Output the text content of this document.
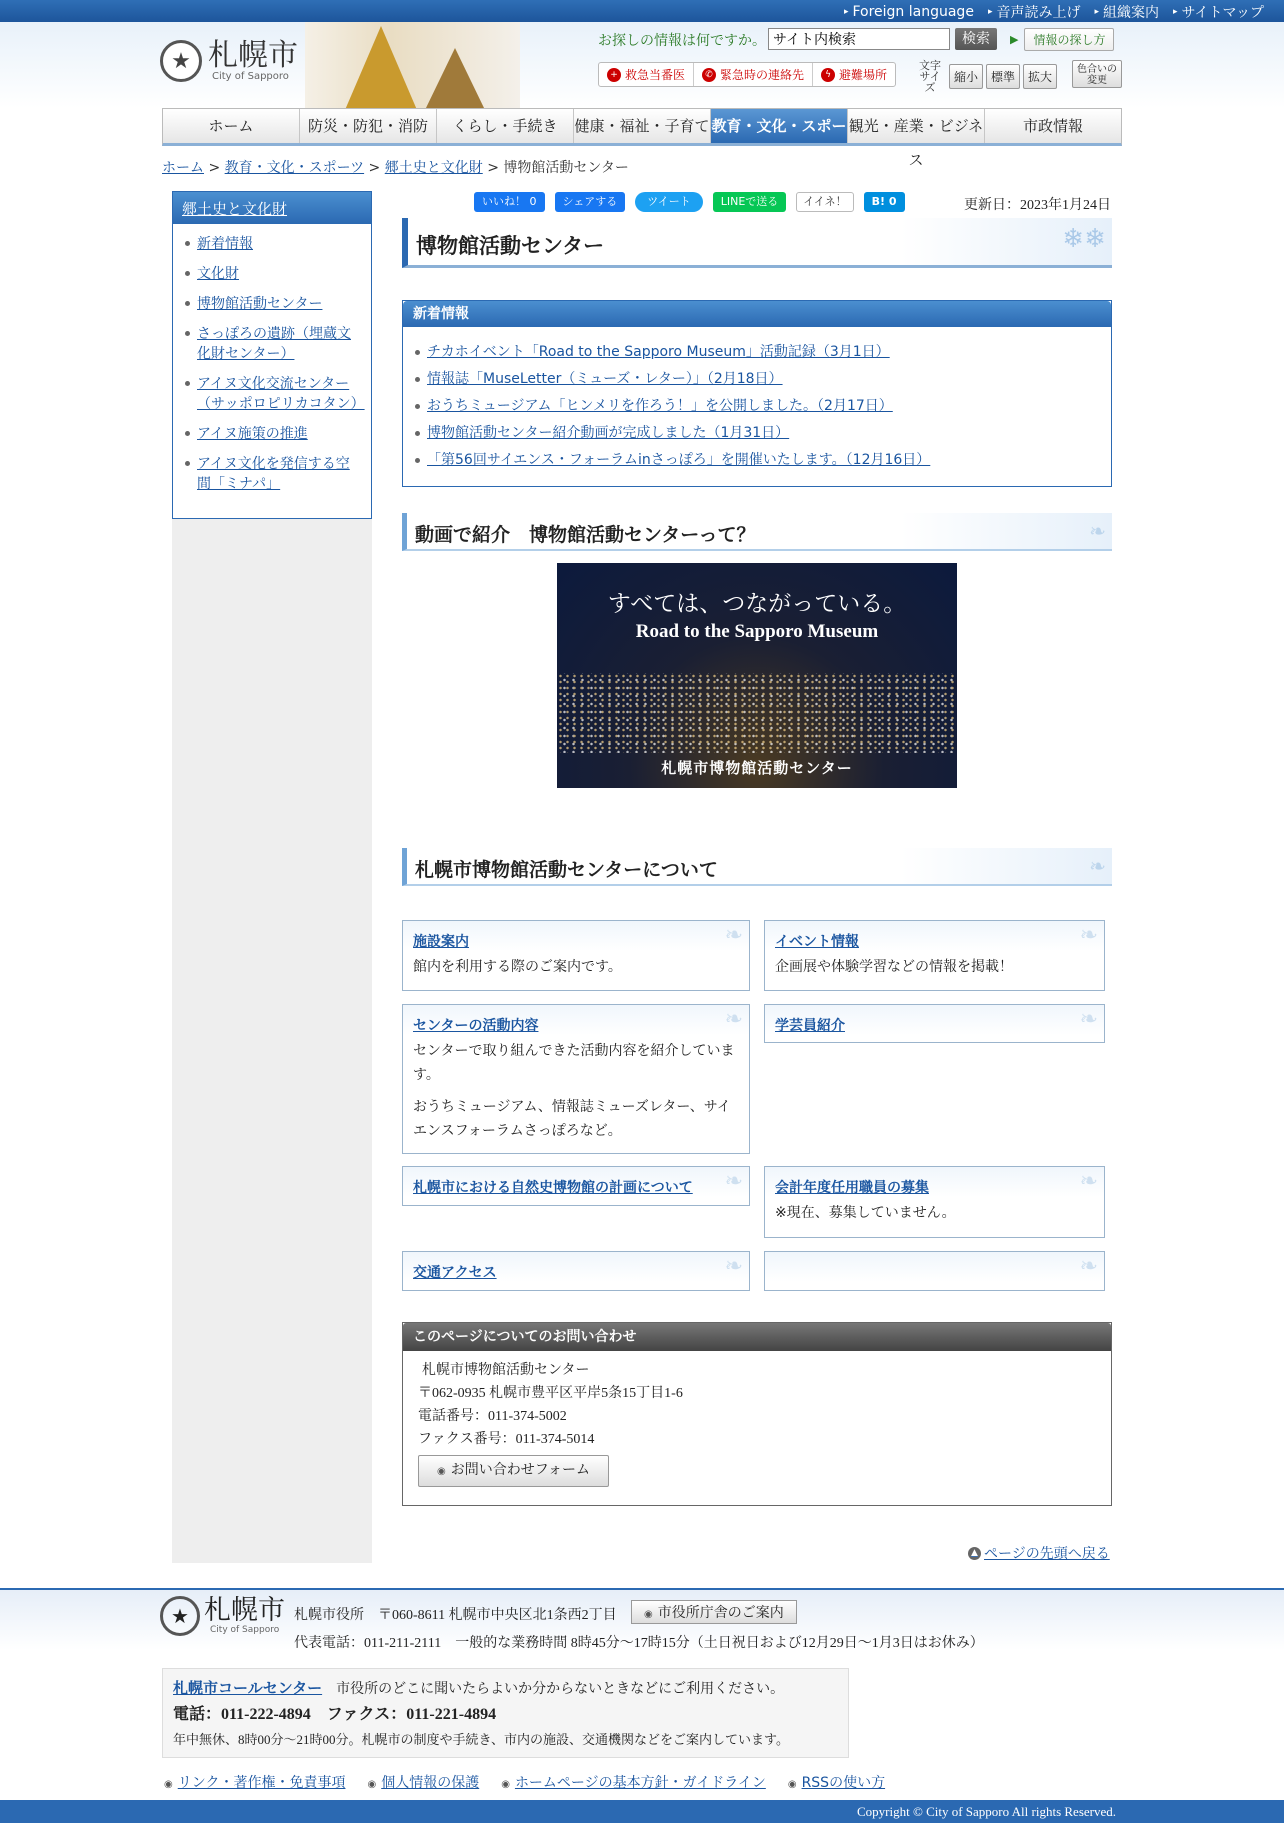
▸ Foreign language	▸ 音声読み上げ	▸ 組織案内	▸ サイトマップ
★ 札幌市
City of Sapporo
お探しの情報は何ですか。
サイト内検索	検索	▶	情報の探し方
+ 救急当番医	✆ 緊急時の連絡先	ϟ 避難場所
文字サイズ
縮小	標準	拡大
色合いの変更
ホーム	防災・防犯・消防	くらし・手続き	健康・福祉・子育て 教育・文化・スポーツ
観光・産業・ビジネス
市政情報
ホーム > 教育・文化・スポーツ > 郷土史と文化財 > 博物館活動センター
郷土史と文化財
新着情報
文化財
博物館活動センター
さっぽろの遺跡（埋蔵文化財センター）
アイヌ文化交流センター（サッポロピリカコタン）
アイヌ施策の推進
アイヌ文化を発信する空間「ミナパ」
いいね！ 0	シェアする	ツイート	LINEで送る	イイネ！	B! 0	更新日：2023年1月24日
博物館活動センター	❄❄
新着情報
チカホイベント「Road to the Sapporo Museum」活動記録（3月1日）
情報誌「MuseLetter（ミューズ・レター）」（2月18日）
おうちミュージアム「ヒンメリを作ろう！」を公開しました。（2月17日）
博物館活動センター紹介動画が完成しました（1月31日）
「第56回サイエンス・フォーラムinさっぽろ」を開催いたします。（12月16日）
動画で紹介　博物館活動センターって？	❧
すべては、つながっている。
Road to the Sapporo Museum
札幌市博物館活動センター
札幌市博物館活動センターについて	❧
施設案内
館内を利用する際のご案内です。
❧	イベント情報
企画展や体験学習などの情報を掲載！
❧
センターの活動内容
センターで取り組んできた活動内容を紹介しています。
おうちミュージアム、情報誌ミューズレター、サイエンスフォーラムさっぽろなど。
❧	学芸員紹介	❧
札幌市における自然史博物館の計画について	❧	会計年度任用職員の募集
※現在、募集していません。
❧
交通アクセス	❧	❧
このページについてのお問い合わせ
札幌市博物館活動センター
〒062-0935 札幌市豊平区平岸5条15丁目1-6
電話番号：011-374-5002
ファクス番号：011-374-5014
◉ お問い合わせフォーム
▲ ページの先頭へ戻る
★ 札幌市
City of Sapporo
札幌市役所　〒060-8611 札幌市中央区北1条西2丁目	◉ 市役所庁舎のご案内
代表電話：011-211-2111　一般的な業務時間 8時45分～17時15分（土日祝日および12月29日～1月3日はお休み）
札幌市コールセンター　 市役所のどこに聞いたらよいか分からないときなどにご利用ください。
電話：011-222-4894　ファクス：011-221-4894
年中無休、8時00分～21時00分。札幌市の制度や手続き、市内の施設、交通機関などをご案内しています。
◉ リンク・著作権・免責事項	◉ 個人情報の保護	◉ ホームページの基本方針・ガイドライン	◉ RSSの使い方
Copyright © City of Sapporo All rights Reserved.
